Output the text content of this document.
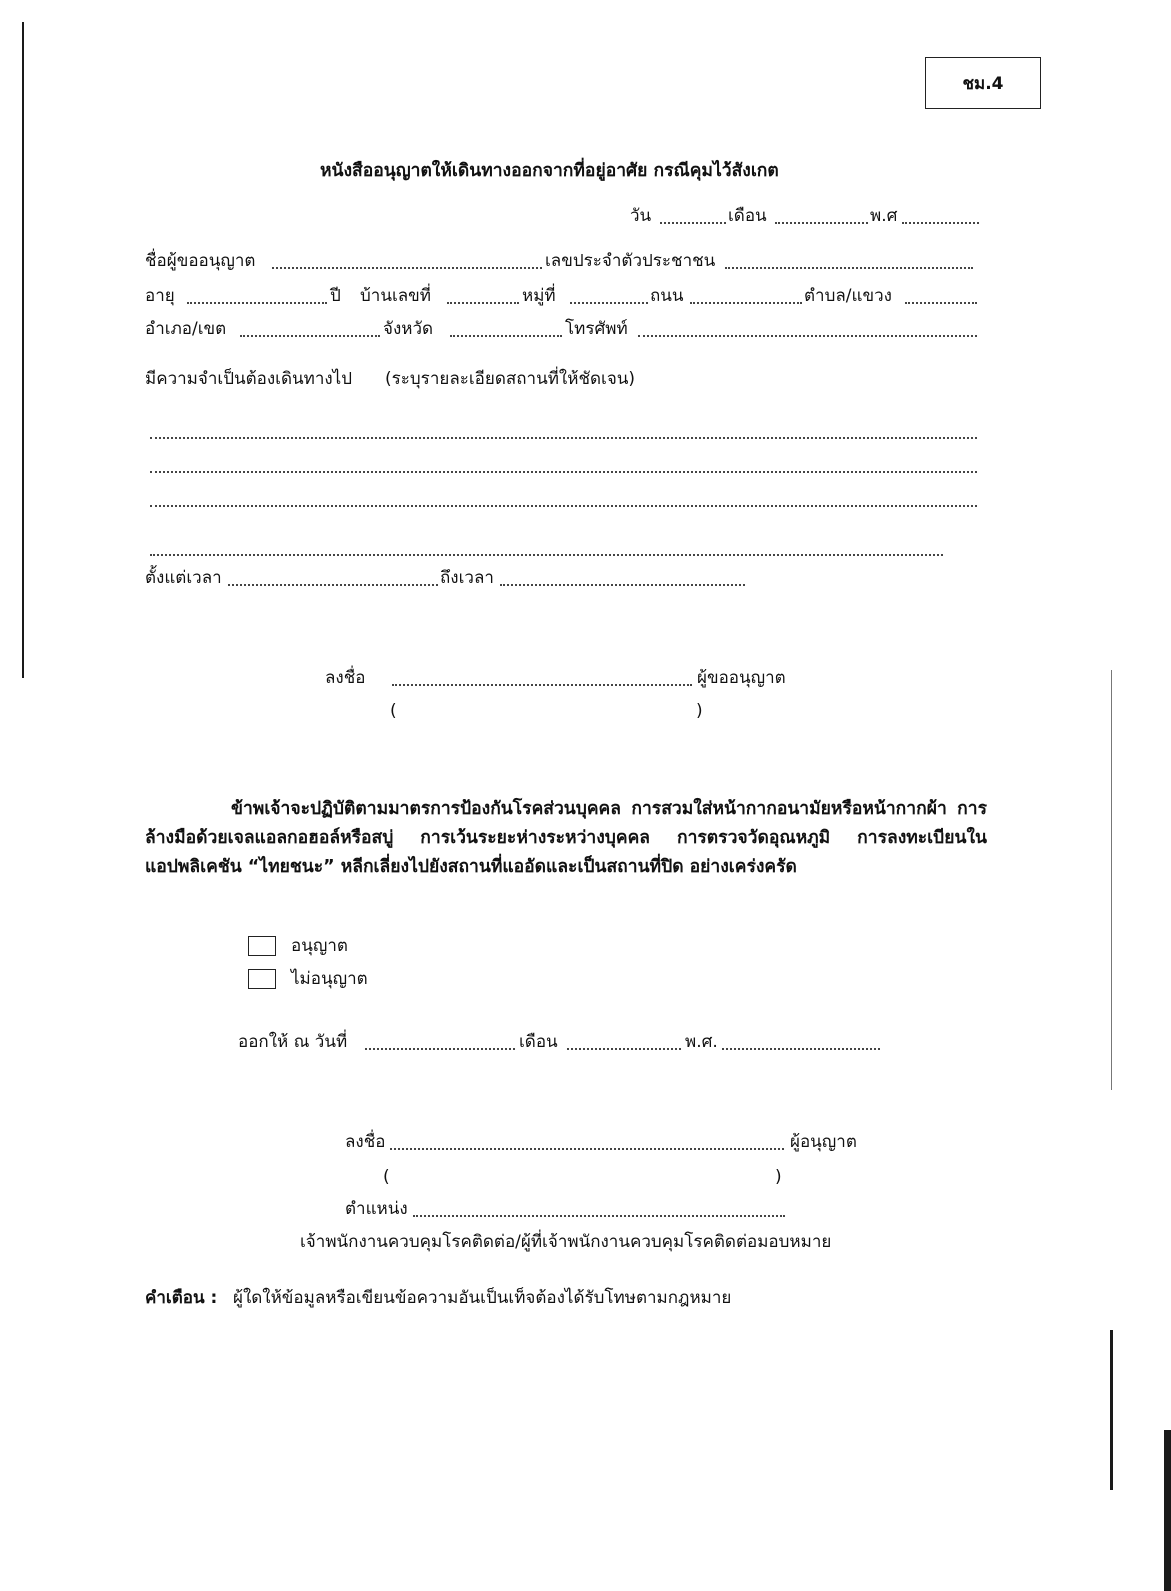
ชม.4
หนังสืออนุญาตให้เดินทางออกจากที่อยู่อาศัย กรณีคุมไว้สังเกต
วัน	เดือน	พ.ศ
ชื่อผู้ขออนุญาต	เลขประจำตัวประชาชน
อายุ	ปี บ้านเลขที่	หมู่ที่	ถนน	ตำบล/แขวง
อำเภอ/เขต	จังหวัด	โทรศัพท์
มีความจำเป็นต้องเดินทางไป (ระบุรายละเอียดสถานที่ให้ชัดเจน)
ตั้งแต่เวลา	ถึงเวลา
ลงชื่อ	ผู้ขออนุญาต
(	)
ข้าพเจ้าจะปฏิบัติตามมาตรการป้องกันโรคส่วนบุคคล การสวมใส่หน้ากากอนามัยหรือหน้ากากผ้า การล้างมือด้วยเจลแอลกอฮอล์หรือสบู่ การเว้นระยะห่างระหว่างบุคคล การตรวจวัดอุณหภูมิ การลงทะเบียนในแอปพลิเคชัน “ไทยชนะ” หลีกเลี่ยงไปยังสถานที่แออัดและเป็นสถานที่ปิด อย่างเคร่งครัด
อนุญาต
ไม่อนุญาต
ออกให้ ณ วันที่	เดือน	พ.ศ.
ลงชื่อ	ผู้อนุญาต
(	)
ตำแหน่ง
เจ้าพนักงานควบคุมโรคติดต่อ/ผู้ที่เจ้าพนักงานควบคุมโรคติดต่อมอบหมาย
คำเตือน : ผู้ใดให้ข้อมูลหรือเขียนข้อความอันเป็นเท็จต้องได้รับโทษตามกฎหมาย
